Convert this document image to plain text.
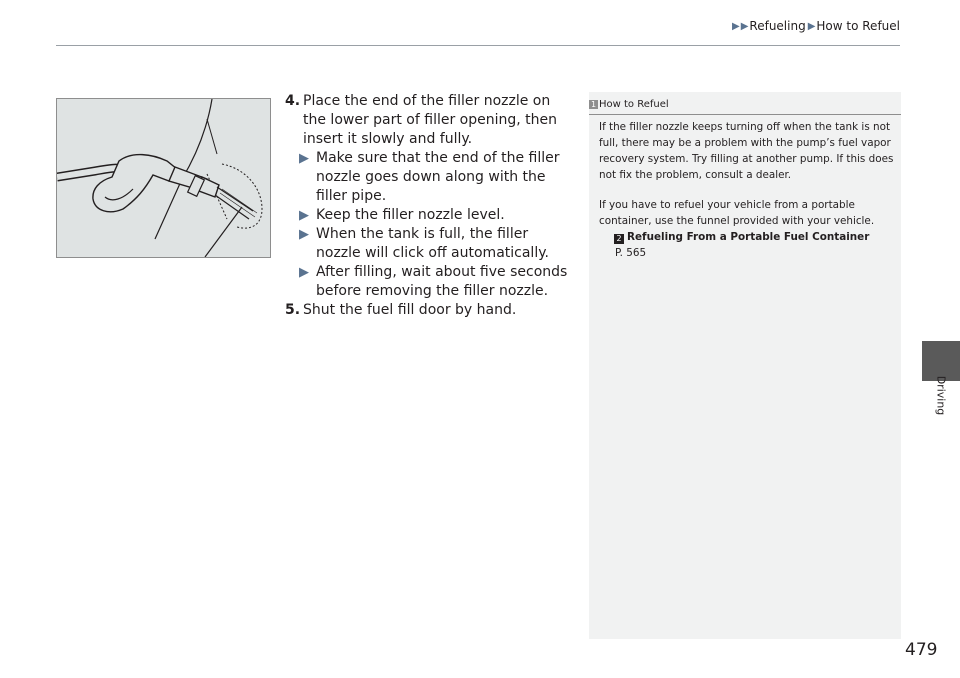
▶ ▶ Refueling ▶ How to Refuel
Driving
4. Place the end of the filler nozzle on the lower part of filler opening, then insert it slowly and fully.
▶ Make sure that the end of the filler nozzle goes down along with the filler pipe.
▶ Keep the filler nozzle level.
▶ When the tank is full, the filler nozzle will click off automatically.
▶ After filling, wait about five seconds before removing the filler nozzle.
5. Shut the fuel fill door by hand.
1 How to Refuel

If the filler nozzle keeps turning off when the tank is not full, there may be a problem with the pump’s fuel vapor recovery system. Try filling at another pump. If this does not fix the problem, consult a dealer.

If you have to refuel your vehicle from a portable container, use the funnel provided with your vehicle.

2 Refueling From a Portable Fuel Container

P. 565

479
